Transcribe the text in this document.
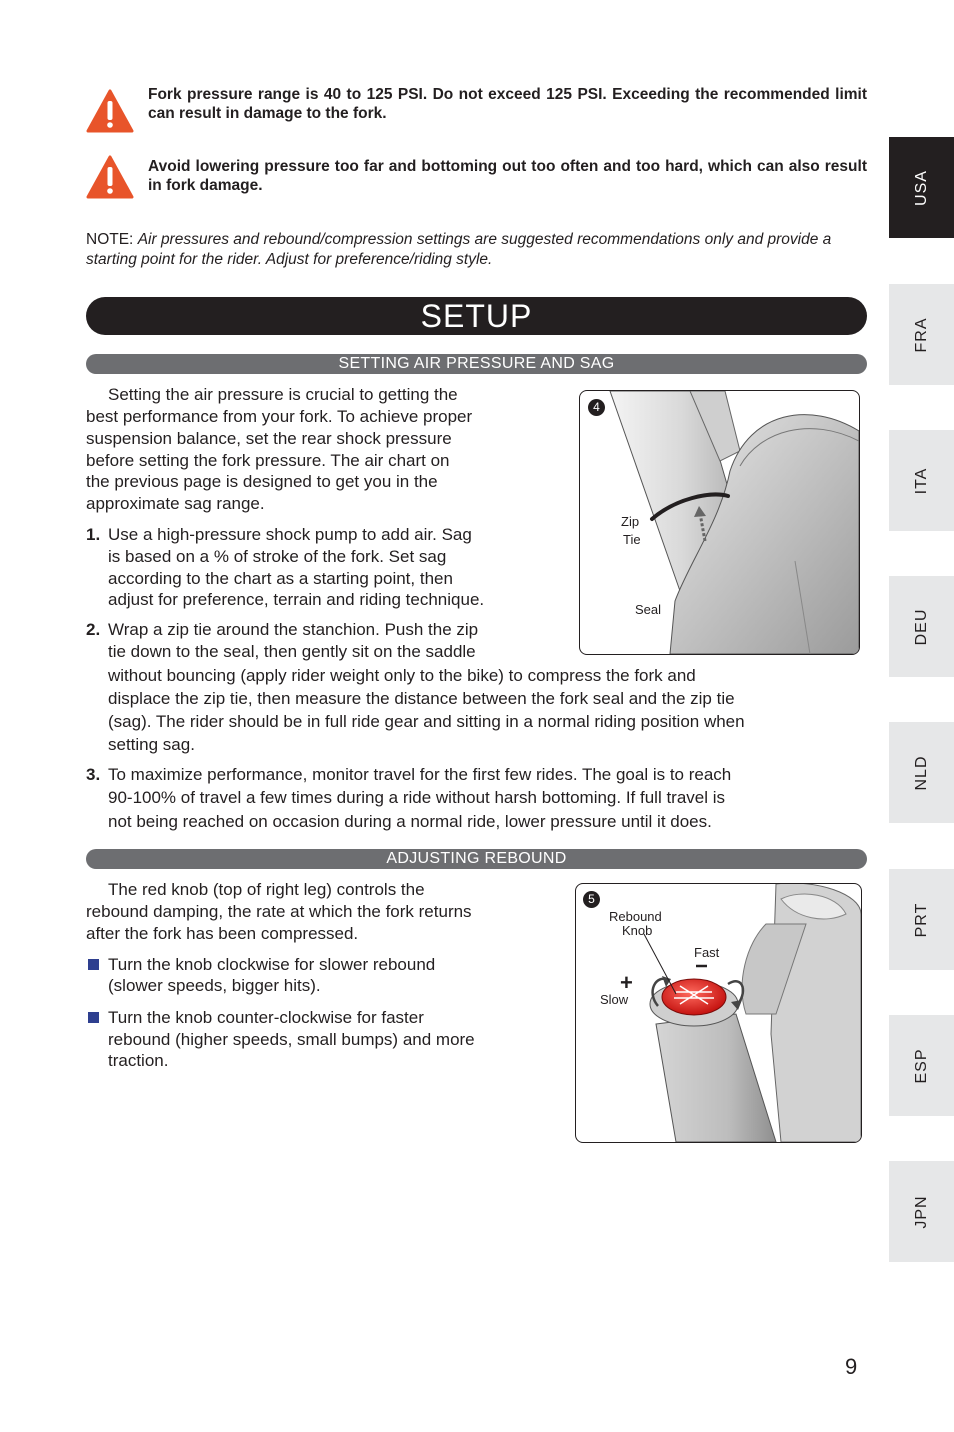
Fork pressure range is 40 to 125 PSI. Do not exceed 125 PSI. Exceeding the recommended limit can result in damage to the fork.
Avoid lowering pressure too far and bottoming out too often and too hard, which can also result in fork damage.
NOTE: Air pressures and rebound/compression settings are suggested recommendations only and provide a starting point for the rider. Adjust for preference/riding style.
SETUP
SETTING AIR PRESSURE AND SAG
Setting the air pressure is crucial to getting the
best performance from your fork. To achieve proper
suspension balance, set the rear shock pressure
before setting the fork pressure. The air chart on
the previous page is designed to get you in the
approximate sag range.
1. Use a high-pressure shock pump to add air. Sag
is based on a % of stroke of the fork. Set sag
according to the chart as a starting point, then
adjust for preference, terrain and riding technique.
2. Wrap a zip tie around the stanchion. Push the zip
tie down to the seal, then gently sit on the saddle
without bouncing (apply rider weight only to the bike) to compress the fork and
displace the zip tie, then measure the distance between the fork seal and the zip tie
(sag). The rider should be in full ride gear and sitting in a normal riding position when
setting sag.
3. To maximize performance, monitor travel for the first few rides. The goal is to reach
90-100% of travel a few times during a ride without harsh bottoming. If full travel is
not being reached on occasion during a normal ride, lower pressure until it does.
4
Zip
Tie
Seal
ADJUSTING REBOUND
The red knob (top of right leg) controls the
rebound damping, the rate at which the fork returns
after the fork has been compressed.
Turn the knob clockwise for slower rebound
(slower speeds, bigger hits).
Turn the knob counter-clockwise for faster
rebound (higher speeds, small bumps) and more
traction.
5
Rebound
Knob
Fast
Slow
+
USA
FRA
ITA
DEU
NLD
PRT
ESP
JPN
9
